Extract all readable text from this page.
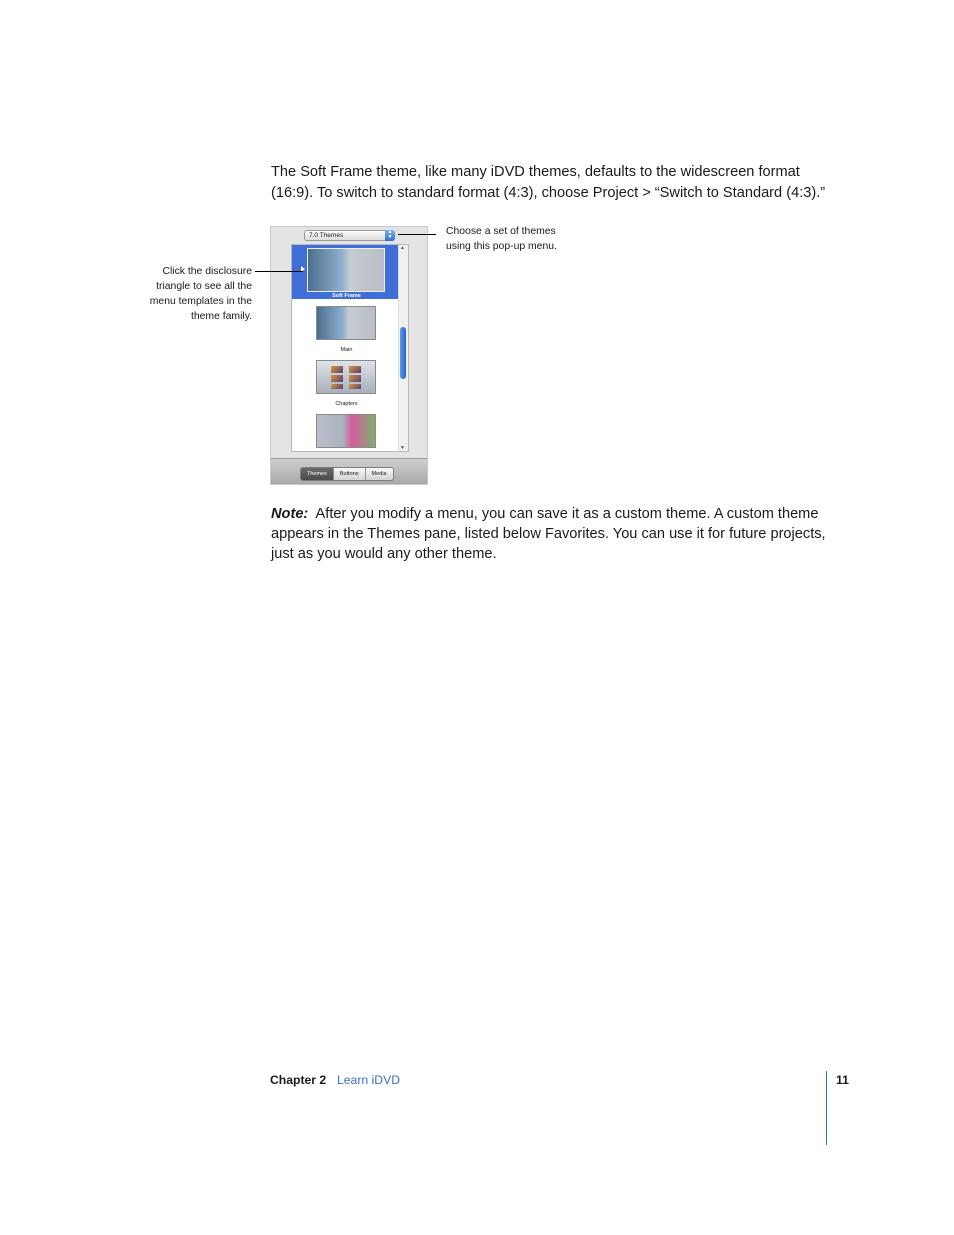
The Soft Frame theme, like many iDVD themes, defaults to the widescreen format (16:9). To switch to standard format (4:3), choose Project > “Switch to Standard (4:3).”

7.0 Themes	▲
▼
Soft Frame
Main
Chapters
▲
▼
Themes	Buttons	Media

Choose a set of themes using this pop-up menu.

Click the disclosure triangle to see all the menu templates in the theme family.

Note: After you modify a menu, you can save it as a custom theme. A custom theme appears in the Themes pane, listed below Favorites. You can use it for future projects, just as you would any other theme.

Chapter 2 Learn iDVD	11
